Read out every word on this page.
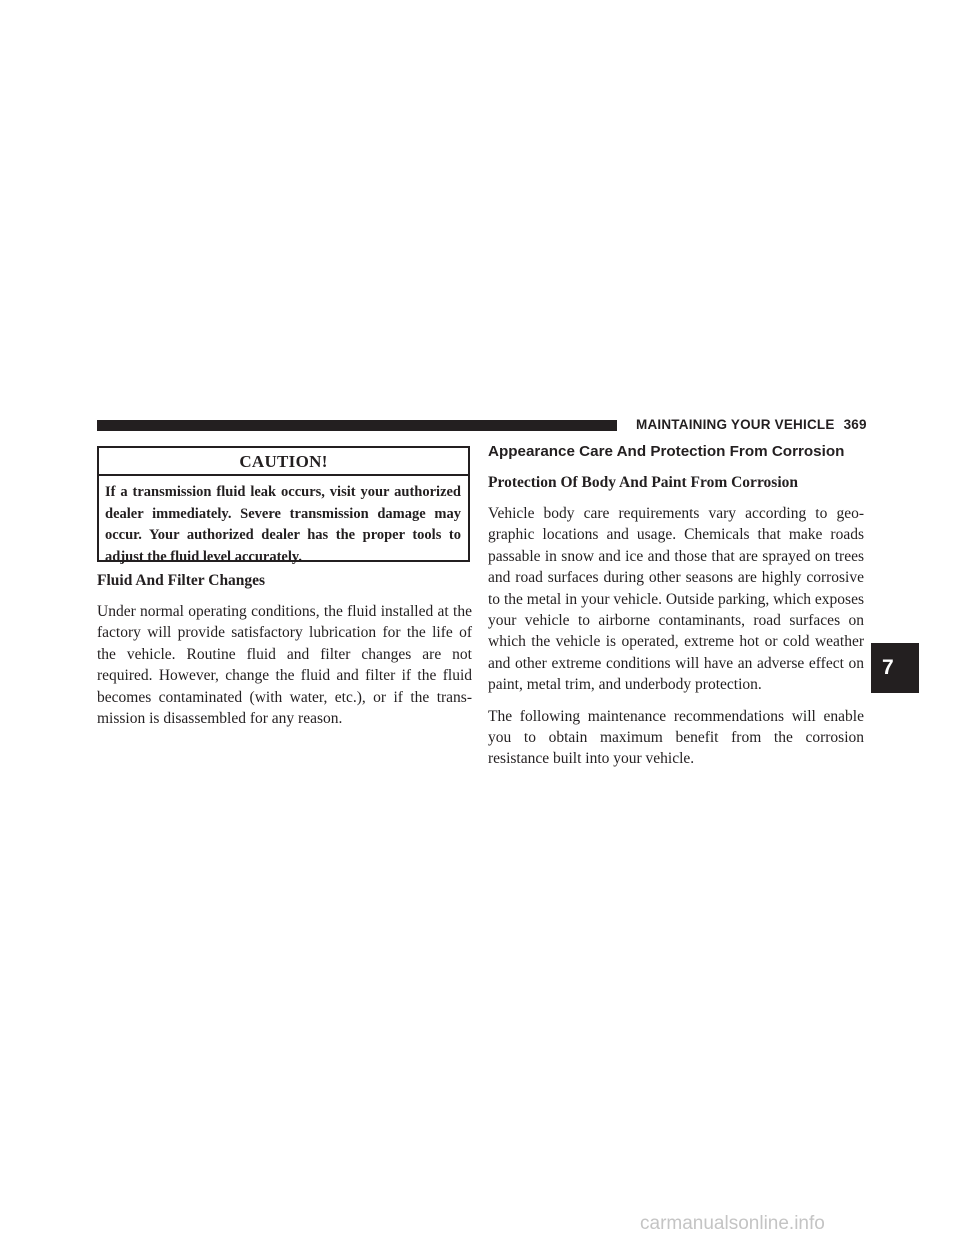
MAINTAINING YOUR VEHICLE 369
CAUTION!
If a transmission fluid leak occurs, visit your authorized dealer immediately. Severe transmission damage may occur. Your authorized dealer has the proper tools to adjust the fluid level accurately.
Fluid And Filter Changes

Under normal operating conditions, the fluid installed at the factory will provide satisfactory lubrication for the life of the vehicle. Routine fluid and filter changes are not required. However, change the fluid and filter if the fluid becomes contaminated (with water, etc.), or if the transmission is disassembled for any reason.

Appearance Care And Protection From Corrosion
Protection Of Body And Paint From Corrosion

Vehicle body care requirements vary according to geographic locations and usage. Chemicals that make roads passable in snow and ice and those that are sprayed on trees and road surfaces during other seasons are highly corrosive to the metal in your vehicle. Outside parking, which exposes your vehicle to airborne contaminants, road surfaces on which the vehicle is operated, extreme hot or cold weather and other extreme conditions will have an adverse effect on paint, metal trim, and underbody protection.

The following maintenance recommendations will enable you to obtain maximum benefit from the corrosion resistance built into your vehicle.

7
carmanualsonline.info
